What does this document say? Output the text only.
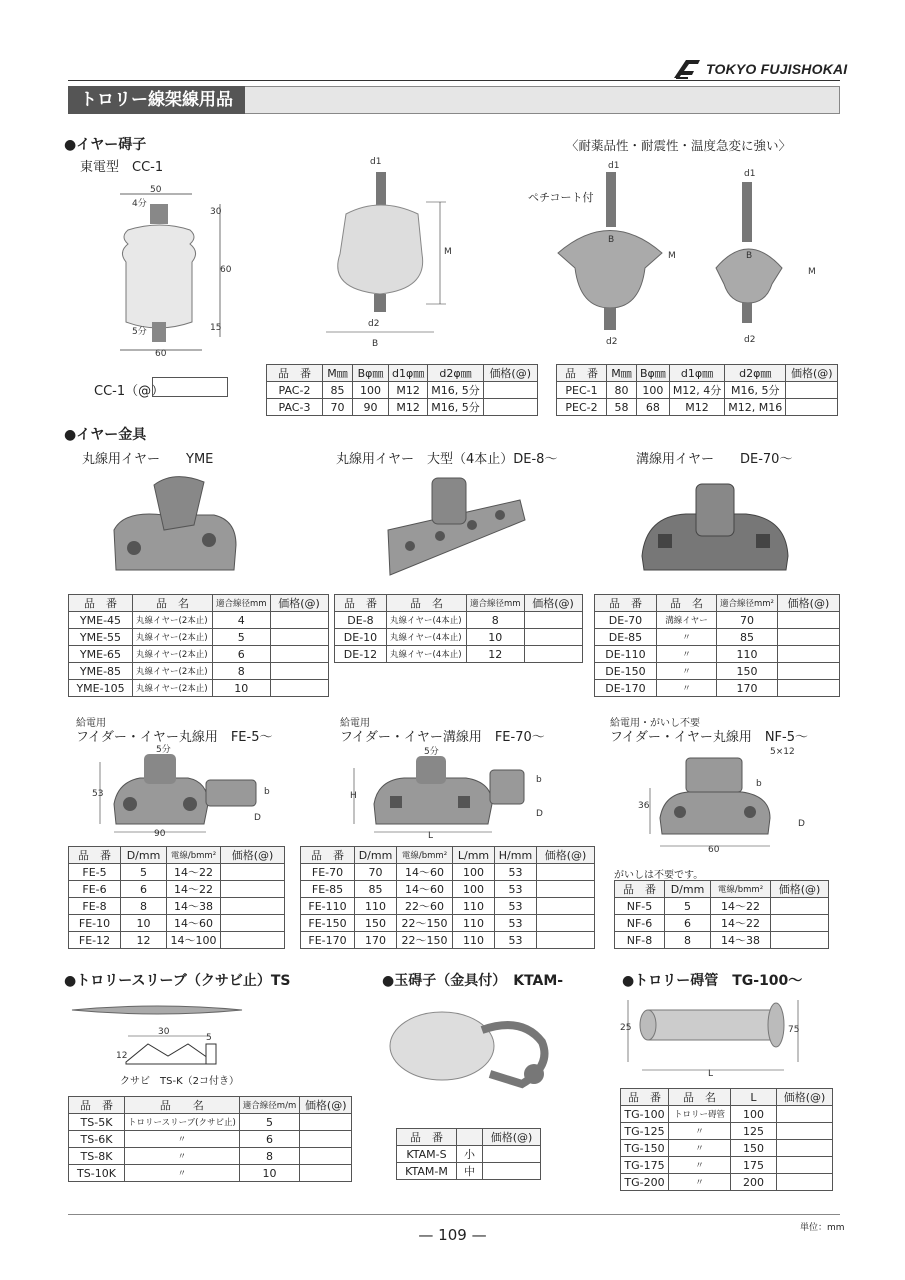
TOKYO FUJISHOKAI
トロリー線架線用品
●イヤー碍子
東電型　CC-1
〈耐薬品性・耐震性・温度急変に強い〉
50
4分
30
60
15
5分
60
CC-1（@）
d1
M
d2
B
ペチコート付
d1
B
M
d2
d1
B
M
d2
品　番	M㎜	Bφ㎜	d1φ㎜	d2φ㎜	価格(@)
PAC-2	85	100	M12	M16, 5分	
PAC-3	70	90	M12	M16, 5分	
品　番	M㎜	Bφ㎜	d1φ㎜	d2φ㎜	価格(@)
PEC-1	80	100	M12, 4分	M16, 5分	
PEC-2	58	68	M12	M12, M16	
●イヤー金具
丸線用イヤー　　YME	丸線用イヤー　大型（4本止）DE-8〜	溝線用イヤー　　DE-70〜
品　番	品　名	適合線径mm	価格(@)
YME-45	丸線イヤー(2本止)	4	
YME-55	丸線イヤー(2本止)	5	
YME-65	丸線イヤー(2本止)	6	
YME-85	丸線イヤー(2本止)	8	
YME-105	丸線イヤー(2本止)	10	
品　番	品　名	適合線径mm	価格(@)
DE-8	丸線イヤー(4本止)	8	
DE-10	丸線イヤー(4本止)	10	
DE-12	丸線イヤー(4本止)	12	
品　番	品　名	適合線径mm²	価格(@)
DE-70	溝線イヤー	70	
DE-85	〃	85	
DE-110	〃	110	
DE-150	〃	150	
DE-170	〃	170	
給電用
フイダー・イヤー丸線用　FE-5〜
給電用
フイダー・イヤー溝線用　FE-70〜
給電用・がいし不要
フイダー・イヤー丸線用　NF-5〜
5分
53	b
D
90
5分
H
b
D
L
5×12
b
36
D
60
がいしは不要です。
品　番	D/mm	電線/bmm²	価格(@)
FE-5	5	14〜22	
FE-6	6	14〜22	
FE-8	8	14〜38	
FE-10	10	14〜60	
FE-12	12	14〜100	
品　番	D/mm	電線/bmm²	L/mm	H/mm	価格(@)
FE-70	70	14〜60	100	53	
FE-85	85	14〜60	100	53	
FE-110	110	22〜60	110	53	
FE-150	150	22〜150	110	53	
FE-170	170	22〜150	110	53	
品　番	D/mm	電線/bmm²	価格(@)
NF-5	5	14〜22	
NF-6	6	14〜22	
NF-8	8	14〜38	
●トロリースリーブ（クサビ止）TS	●玉碍子（金具付）　KTAM-	●トロリー碍管　TG-100〜
30
5
12
クサビ　TS-K（2コ付き）
25	75
L
品　番	品　　名	適合線径m/m	価格(@)
TS-5K	トロリースリーブ(クサビ止)	5	
TS-6K	〃	6	
TS-8K	〃	8	
TS-10K	〃	10	
品　番		価格(@)
KTAM-S	小	
KTAM-M	中	
品　番	品　名	L	価格(@)
TG-100	トロリー碍管	100	
TG-125	〃	125	
TG-150	〃	150	
TG-175	〃	175	
TG-200	〃	200	
単位：mm
— 109 —
